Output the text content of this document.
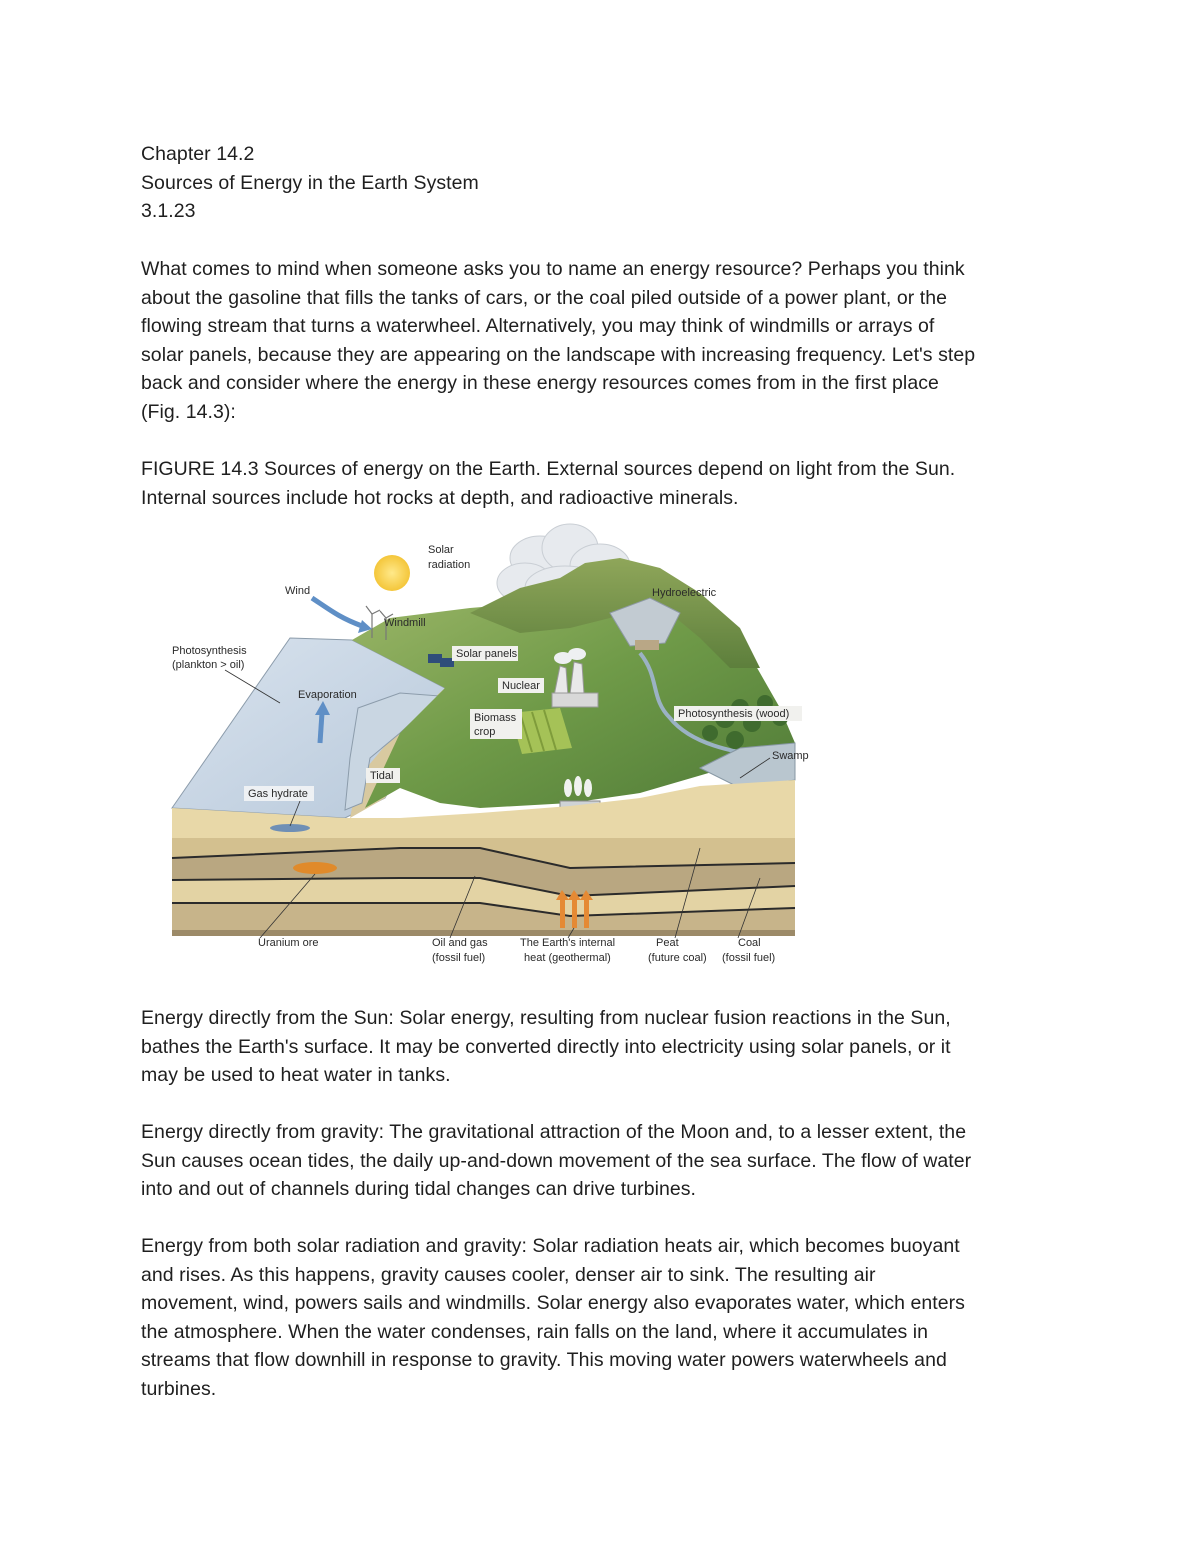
Chapter 14.2
Sources of Energy in the Earth System
3.1.23
What comes to mind when someone asks you to name an energy resource? Perhaps you think
about the gasoline that fills the tanks of cars, or the coal piled outside of a power plant, or the
flowing stream that turns a waterwheel. Alternatively, you may think of windmills or arrays of
solar panels, because they are appearing on the landscape with increasing frequency. Let's step
back and consider where the energy in these energy resources comes from in the first place
(Fig. 14.3):
FIGURE 14.3 Sources of energy on the Earth. External sources depend on light from the Sun.
Internal sources include hot rocks at depth, and radioactive minerals.
Solar
radiation
Wind
Windmill
Hydroelectric
Photosynthesis
(plankton > oil)
Evaporation
Solar panels
Nuclear
Biomass
crop
Photosynthesis (wood)
Swamp
Tidal
Gas hydrate
Uranium ore	Oil and gas
(fossil fuel)
The Earth's internal
heat (geothermal)
Peat
(future coal)
Coal
(fossil fuel)
Energy directly from the Sun: Solar energy, resulting from nuclear fusion reactions in the Sun,
bathes the Earth's surface. It may be converted directly into electricity using solar panels, or it
may be used to heat water in tanks.
Energy directly from gravity: The gravitational attraction of the Moon and, to a lesser extent, the
Sun causes ocean tides, the daily up-and-down movement of the sea surface. The flow of water
into and out of channels during tidal changes can drive turbines.
Energy from both solar radiation and gravity: Solar radiation heats air, which becomes buoyant
and rises. As this happens, gravity causes cooler, denser air to sink. The resulting air
movement, wind, powers sails and windmills. Solar energy also evaporates water, which enters
the atmosphere. When the water condenses, rain falls on the land, where it accumulates in
streams that flow downhill in response to gravity. This moving water powers waterwheels and
turbines.
